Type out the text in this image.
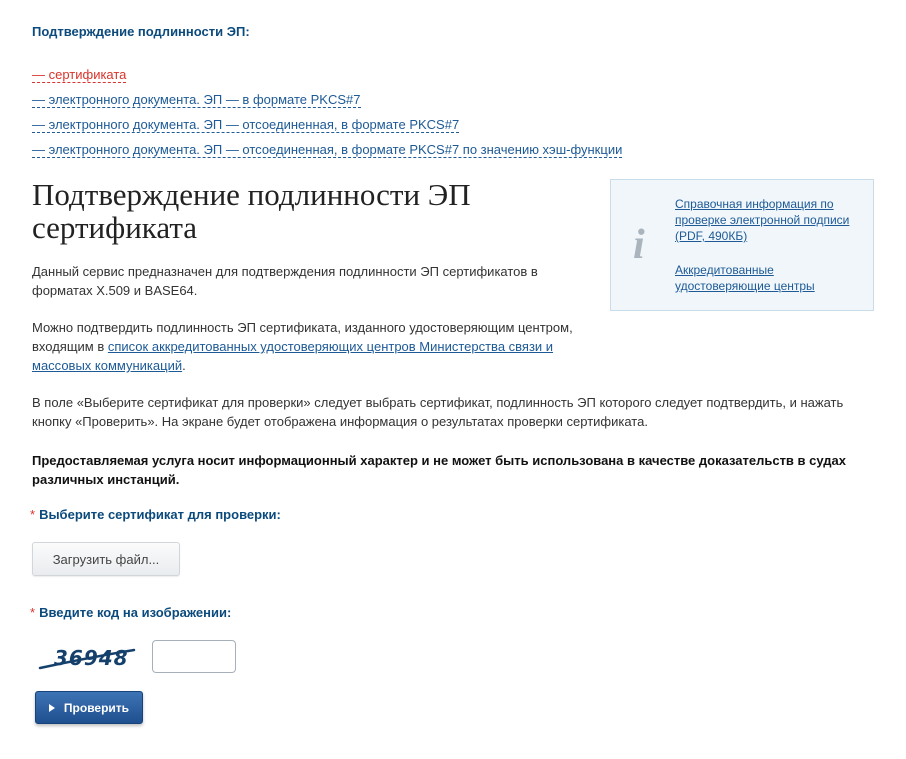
Подтверждение подлинности ЭП:
— сертификата
— электронного документа. ЭП — в формате PKCS#7
— электронного документа. ЭП — отсоединенная, в формате PKCS#7
— электронного документа. ЭП — отсоединенная, в формате PKCS#7 по значению хэш-функции
Подтверждение подлинности ЭП сертификата	i
Справочная информация по проверке электронной подписи (PDF, 490КБ)
Аккредитованные удостоверяющие центры
Данный сервис предназначен для подтверждения подлинности ЭП сертификатов в форматах X.509 и BASE64.
Можно подтвердить подлинность ЭП сертификата, изданного удостоверяющим центром, входящим в список аккредитованных удостоверяющих центров Министерства связи и массовых коммуникаций.
В поле «Выберите сертификат для проверки» следует выбрать сертификат, подлинность ЭП которого следует подтвердить, и нажать кнопку «Проверить». На экране будет отображена информация о результатах проверки сертификата.
Предоставляемая услуга носит информационный характер и не может быть использована в качестве доказательств в судах различных инстанций.
* Выберите сертификат для проверки:
Загрузить файл...
* Введите код на изображении:
36948
Проверить
